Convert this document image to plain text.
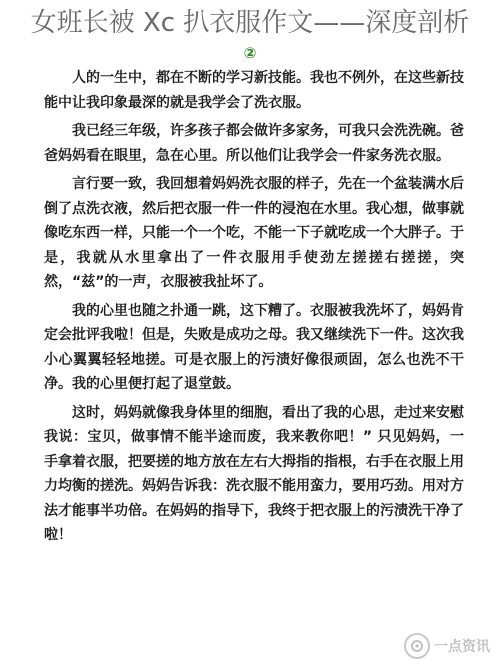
女班长被 Xc 扒衣服作文——深度剖析
②

人的一生中，都在不断的学习新技能。我也不例外，在这些新技能中让我印象最深的就是我学会了洗衣服。

我已经三年级，许多孩子都会做许多家务，可我只会洗洗碗。爸爸妈妈看在眼里，急在心里。所以他们让我学会一件家务洗衣服。

言行要一致，我回想着妈妈洗衣服的样子，先在一个盆装满水后倒了点洗衣液，然后把衣服一件一件的浸泡在水里。我心想，做事就像吃东西一样，只能一个一个吃，不能一下子就吃成一个大胖子。于是，我就从水里拿出了一件衣服用手使劲左搓搓右搓搓，突然，“兹”的一声，衣服被我扯坏了。

我的心里也随之扑通一跳，这下糟了。衣服被我洗坏了，妈妈肯定会批评我啦！但是，失败是成功之母。我又继续洗下一件。这次我小心翼翼轻轻地搓。可是衣服上的污渍好像很顽固，怎么也洗不干净。我的心里便打起了退堂鼓。

这时，妈妈就像我身体里的细胞，看出了我的心思，走过来安慰我说：宝贝，做事情不能半途而废，我来教你吧！” 只见妈妈，一手拿着衣服，把要搓的地方放在左右大拇指的指根，右手在衣服上用力均衡的搓洗。妈妈告诉我：洗衣服不能用蛮力，要用巧劲。用对方法才能事半功倍。在妈妈的指导下，我终于把衣服上的污渍洗干净了啦！

一点资讯
